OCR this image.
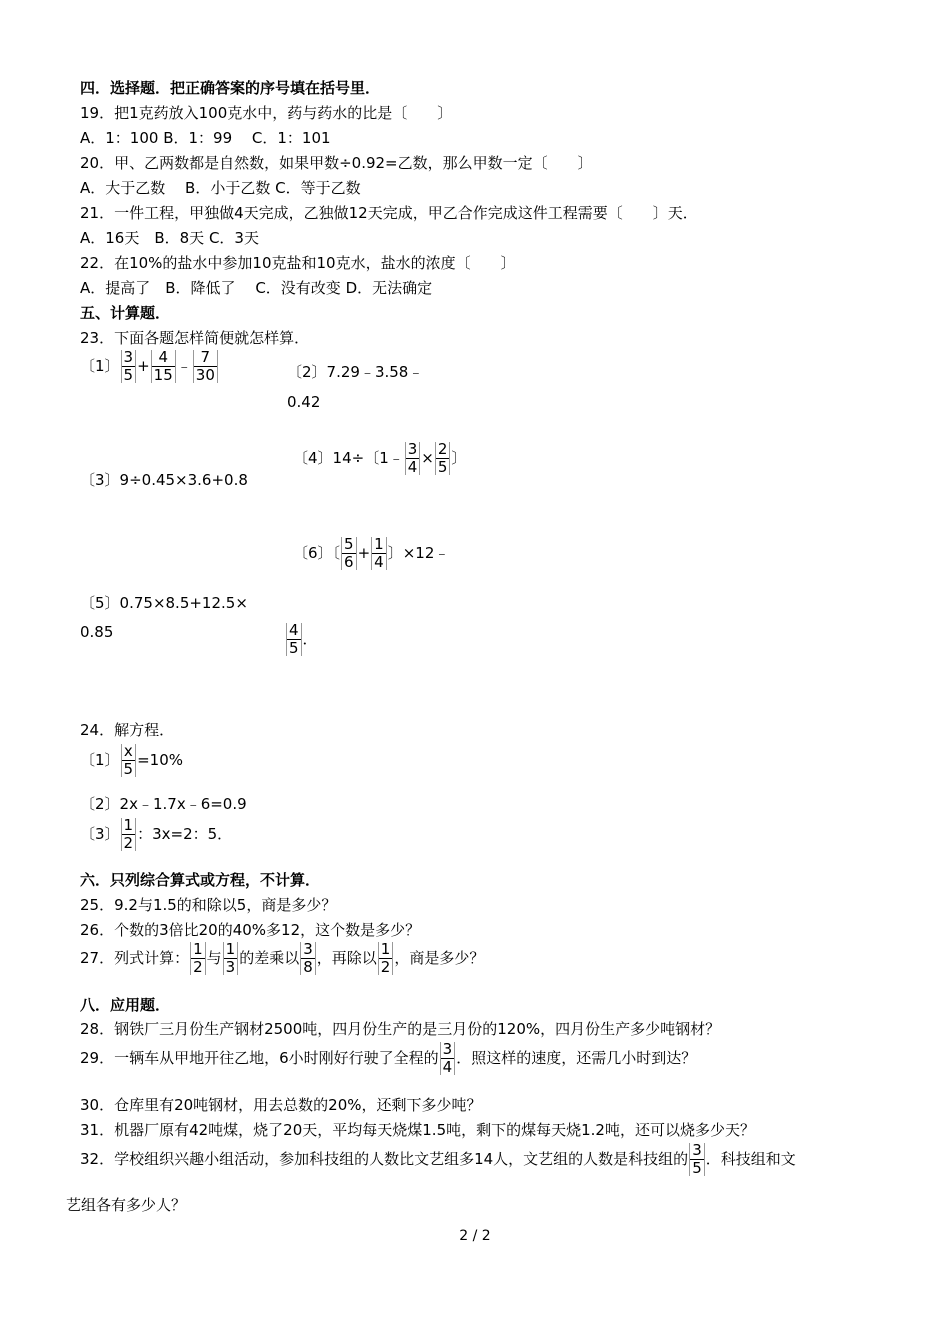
四．选择题．把正确答案的序号填在括号里．
19．把1克药放入100克水中，药与药水的比是〔　　〕
A．1：100 B．1：99　 C．1：101
20．甲、乙两数都是自然数，如果甲数÷0.92=乙数，那么甲数一定〔　　〕
A．大于乙数　 B．小于乙数 C．等于乙数
21．一件工程，甲独做4天完成，乙独做12天完成，甲乙合作完成这件工程需要〔　　〕天．
A．16天　B．8天 C．3天
22．在10%的盐水中参加10克盐和10克水，盐水的浓度〔　　〕
A．提高了　B．降低了　 C．没有改变 D．无法确定
五、计算题．
23．下面各题怎样简便就怎样算．
〔1〕 $\frac{3}{5} + \frac{4}{15}$ ﹣ $\frac{7}{30}$	〔2〕7.29﹣3.58﹣
0.42
〔3〕9÷0.45×3.6+0.8
〔4〕14÷〔1﹣ $\frac{3}{4} \times \frac{2}{5}$ 〕
〔6〕〔 $\frac{5}{6} + \frac{1}{4}$ 〕×12﹣
〔5〕0.75×8.5+12.5×
0.85	$\frac{4}{5}$ ．
24．解方程．
〔1〕 $\frac{x}{5} =10\%$
〔2〕2x﹣1.7x﹣6=0.9
〔3〕 $\frac{1}{2}$ ：3x=2：5．
六．只列综合算式或方程，不计算．
25．9.2与1.5的和除以5，商是多少？
26．个数的3倍比20的40%多12，这个数是多少？
27．列式计算： $\frac{1}{2}$ 与 $\frac{1}{3}$ 的差乘以 $\frac{3}{8}$ ，再除以 $\frac{1}{2}$ ，商是多少？
八．应用题．
28．钢铁厂三月份生产钢材2500吨，四月份生产的是三月份的120%，四月份生产多少吨钢材？
29．一辆车从甲地开往乙地，6小时刚好行驶了全程的 $\frac{3}{4}$ ．照这样的速度，还需几小时到达？
30．仓库里有20吨钢材，用去总数的20%，还剩下多少吨？
31．机器厂原有42吨煤，烧了20天，平均每天烧煤1.5吨，剩下的煤每天烧1.2吨，还可以烧多少天？
32．学校组织兴趣小组活动，参加科技组的人数比文艺组多14人，文艺组的人数是科技组的 $\frac{3}{5}$ ．科技组和文
艺组各有多少人？
2 / 2
